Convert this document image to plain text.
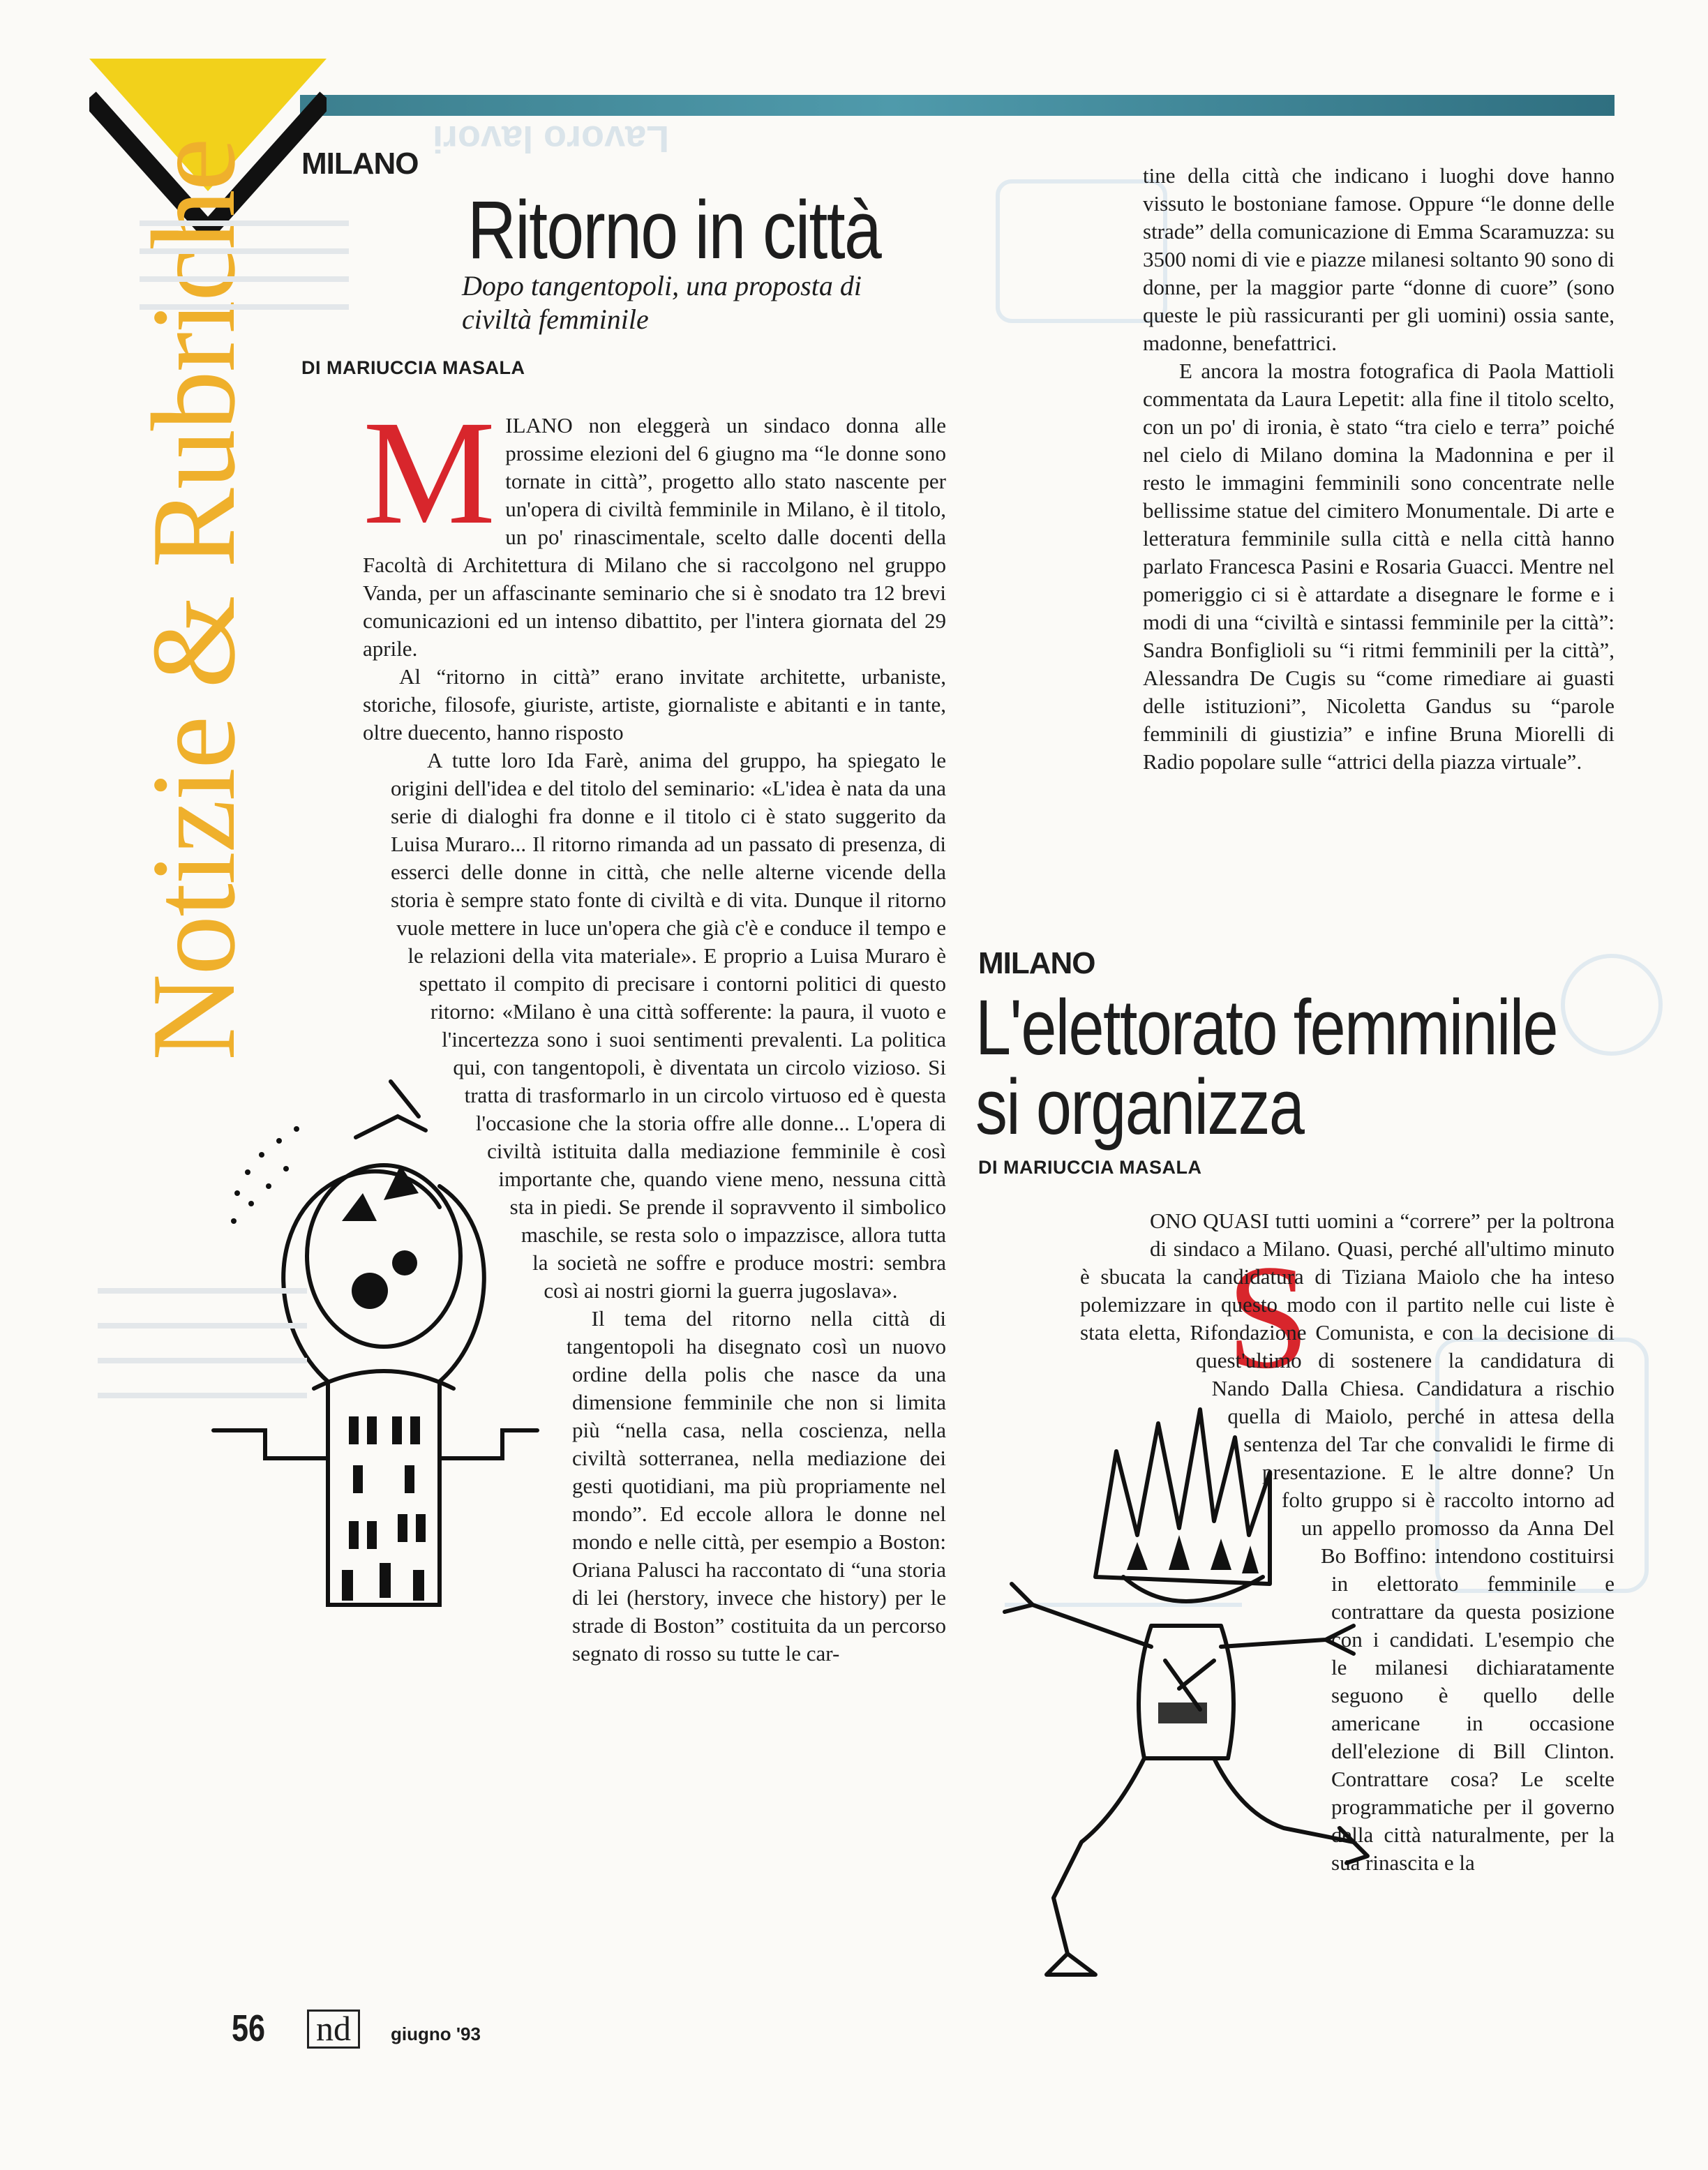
Lavoro lavori
Notizie & Rubriche MILANO
Ritorno in città
Dopo tangentopoli, una proposta di civiltà femminile
DI MARIUCCIA MASALA

MILANO non eleggerà un sindaco donna alle prossime elezioni del 6 giugno ma “le donne sono tornate in città”, progetto allo stato nascente per un'opera di civiltà femminile in Milano, è il titolo, un po' rinascimentale, scelto dalle docenti della Facoltà di Architettura di Milano che si raccolgono nel gruppo Vanda, per un affascinante seminario che si è snodato tra 12 brevi comunicazioni ed un intenso dibattito, per l'intera giornata del 29 aprile.

Al “ritorno in città” erano invitate architette, urbaniste, storiche, filosofe, giuriste, artiste, giornaliste e abitanti e in tante, oltre duecento, hanno risposto

A tutte loro Ida Farè, anima del gruppo, ha spiegato le origini dell'idea e del titolo del seminario: «L'idea è nata da una serie di dialoghi fra donne e il titolo ci è stato suggerito da Luisa Muraro... Il ritorno rimanda ad un passato di presenza, di esserci delle donne in città, che nelle alterne vicende della storia è sempre stato fonte di civiltà e di vita. Dunque il ritorno vuole mettere in luce un'opera che già c'è e conduce il tempo e le relazioni della vita materiale». E proprio a Luisa Muraro è spettato il compito di precisare i contorni politici di questo ritorno: «Milano è una città sofferente: la paura, il vuoto e l'incertezza sono i suoi sentimenti prevalenti. La politica qui, con tangentopoli, è diventata un circolo vizioso. Si tratta di trasformarlo in un circolo virtuoso ed è questa l'occasione che la storia offre alle donne... L'opera di civiltà istituita dalla mediazione femminile è così importante che, quando viene meno, nessuna città sta in piedi. Se prende il sopravvento il simbolico maschile, se resta solo o impazzisce, allora tutta la società ne soffre e produce mostri: sembra così ai nostri giorni la guerra jugoslava».

Il tema del ritorno nella città di tangentopoli ha disegnato così un nuovo ordine della polis che nasce da una dimensione femminile che non si limita più “nella casa, nella coscienza, nella civiltà sotterranea, nella mediazione dei gesti quotidiani, ma più propriamente nel mondo”. Ed eccole allora le donne nel mondo e nelle città, per esempio a Boston: Oriana Palusci ha raccontato di “una storia di lei (herstory, invece che history) per le strade di Boston” costituita da un percorso segnato di rosso su tutte le car-

tine della città che indicano i luoghi dove hanno vissuto le bostoniane famose. Oppure “le donne delle strade” della comunicazione di Emma Scaramuzza: su 3500 nomi di vie e piazze milanesi soltanto 90 sono di donne, per la maggior parte “donne di cuore” (sono queste le più rassicuranti per gli uomini) ossia sante, madonne, benefattrici.

E ancora la mostra fotografica di Paola Mattioli commentata da Laura Lepetit: alla fine il titolo scelto, con un po' di ironia, è stato “tra cielo e terra” poiché nel cielo di Milano domina la Madonnina e per il resto le immagini femminili sono concentrate nelle bellissime statue del cimitero Monumentale. Di arte e letteratura femminile sulla città e nella città hanno parlato Francesca Pasini e Rosaria Guacci. Mentre nel pomeriggio ci si è attardate a disegnare le forme e i modi di una “civiltà e sintassi femminile per la città”: Sandra Bonfiglioli su “i ritmi femminili per la città”, Alessandra De Cugis su “come rimediare ai guasti delle istituzioni”, Nicoletta Gandus su “parole femminili di giustizia” e infine Bruna Miorelli di Radio popolare sulle “attrici della piazza virtuale”.

MILANO
L'elettorato femminile
si organizza
DI MARIUCCIA MASALA

S
ONO QUASI tutti uomini a “correre” per la poltrona di sindaco a Milano. Quasi, perché all'ultimo minuto è sbucata la candidatura di Tiziana Maiolo che ha inteso polemizzare in questo modo con il partito nelle cui liste è stata eletta, Rifondazione Comunista, e con la decisione di quest'ultimo di sostenere la candidatura di Nando Dalla Chiesa. Candidatura a rischio quella di Maiolo, perché in attesa della sentenza del Tar che convalidi le firme di presentazione. E le altre donne? Un folto gruppo si è raccolto intorno ad un appello promosso da Anna Del Bo Boffino: intendono costituirsi in elettorato femminile e contrattare da questa posizione con i candidati. L'esempio che le milanesi dichiaratamente seguono è quello delle americane in occasione dell'elezione di Bill Clinton. Contrattare cosa? Le scelte programmatiche per il governo della città naturalmente, per la sua rinascita e la

56 nd	giugno '93
